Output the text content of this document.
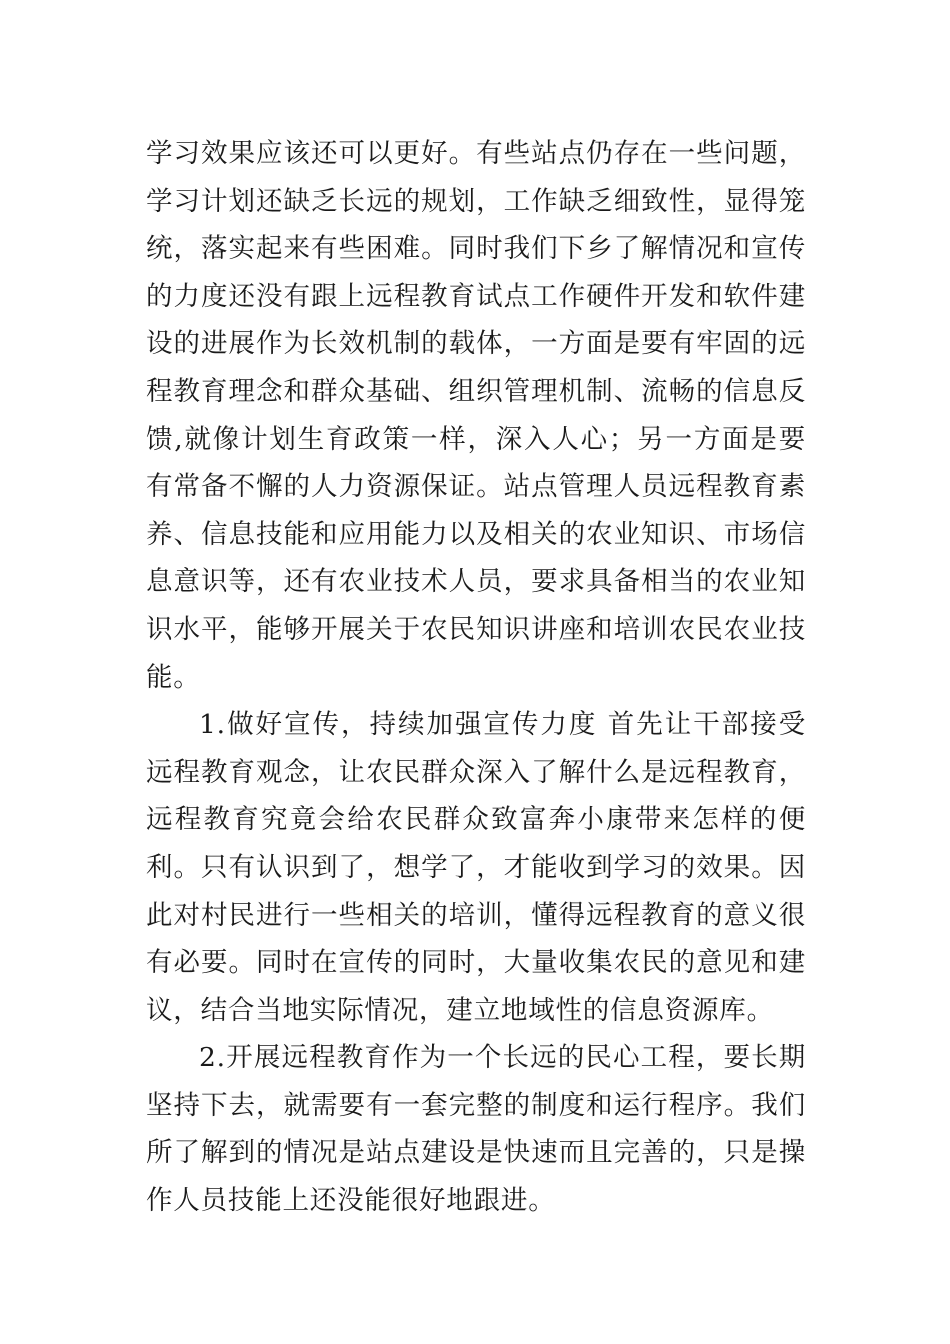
学习效果应该还可以更好。有些站点仍存在一些问题，学习计划还缺乏长远的规划，工作缺乏细致性，显得笼统，落实起来有些困难。同时我们下乡了解情况和宣传的力度还没有跟上远程教育试点工作硬件开发和软件建设的进展作为长效机制的载体，一方面是要有牢固的远程教育理念和群众基础、组织管理机制、流畅的信息反馈,就像计划生育政策一样，深入人心；另一方面是要有常备不懈的人力资源保证。站点管理人员远程教育素养、信息技能和应用能力以及相关的农业知识、市场信息意识等，还有农业技术人员，要求具备相当的农业知识水平，能够开展关于农民知识讲座和培训农民农业技能。

1.做好宣传，持续加强宣传力度 首先让干部接受远程教育观念，让农民群众深入了解什么是远程教育，远程教育究竟会给农民群众致富奔小康带来怎样的便利。只有认识到了，想学了，才能收到学习的效果。因此对村民进行一些相关的培训，懂得远程教育的意义很有必要。同时在宣传的同时，大量收集农民的意见和建议，结合当地实际情况，建立地域性的信息资源库。

2.开展远程教育作为一个长远的民心工程，要长期坚持下去，就需要有一套完整的制度和运行程序。我们所了解到的情况是站点建设是快速而且完善的，只是操作人员技能上还没能很好地跟进。
